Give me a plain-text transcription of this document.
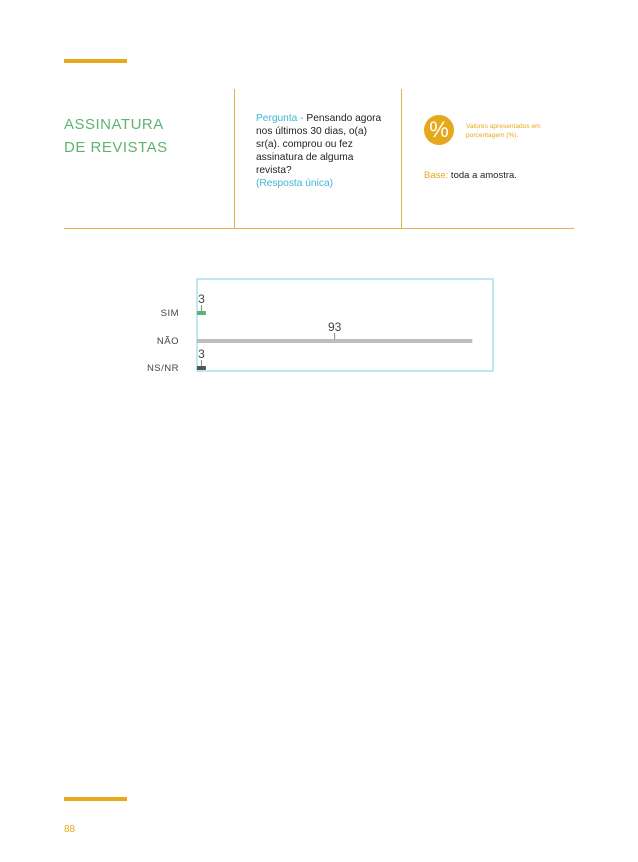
ASSINATURA
DE REVISTAS
Pergunta - Pensando agora nos últimos 30 dias, o(a) sr(a). comprou ou fez assinatura de alguma revista?
(Resposta única)
%	Valores apresentados em porcentagem (%).
Base: toda a amostra.
3
SIM
93
NÃO
3
NS/NR
88
